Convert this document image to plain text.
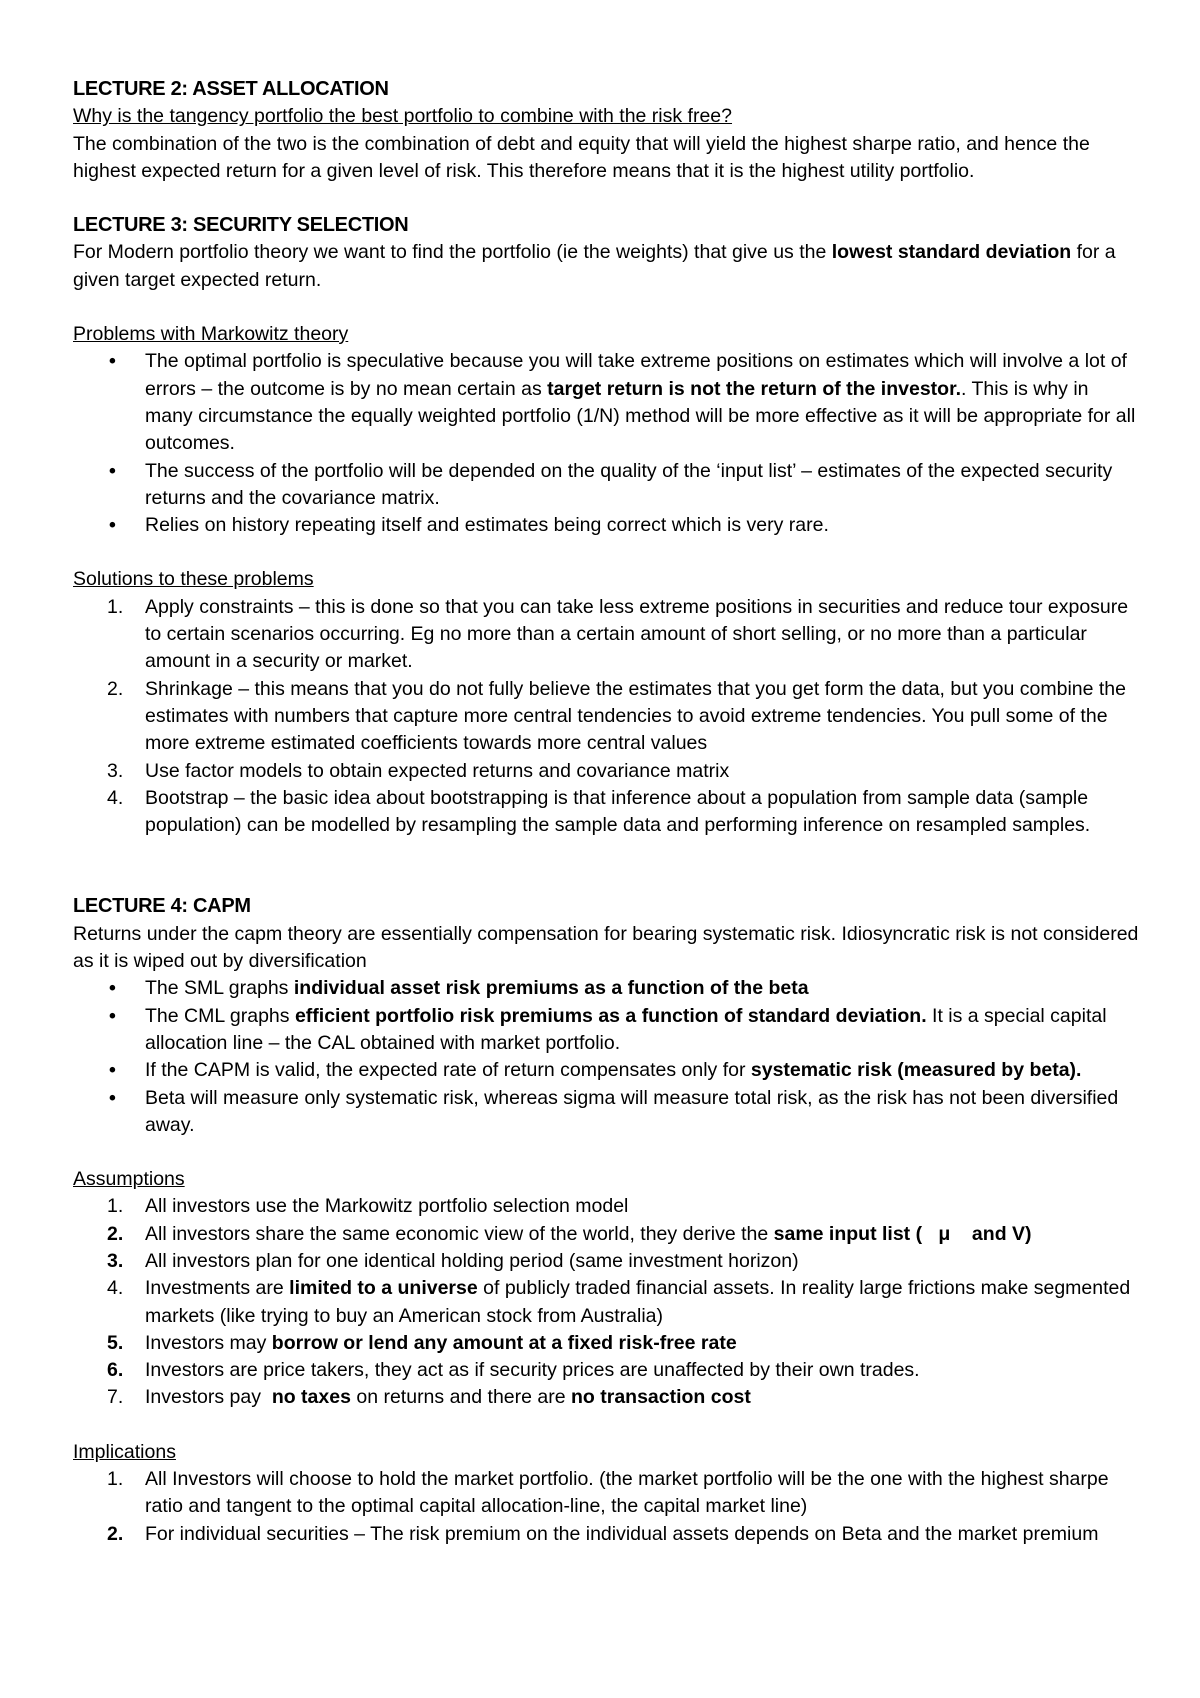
LECTURE 2: ASSET ALLOCATION

Why is the tangency portfolio the best portfolio to combine with the risk free?

The combination of the two is the combination of debt and equity that will yield the highest sharpe ratio, and hence the highest expected return for a given level of risk. This therefore means that it is the highest utility portfolio.

LECTURE 3: SECURITY SELECTION

For Modern portfolio theory we want to find the portfolio (ie the weights) that give us the lowest standard deviation for a given target expected return.

Problems with Markowitz theory

• The optimal portfolio is speculative because you will take extreme positions on estimates which will involve a lot of errors – the outcome is by no mean certain as target return is not the return of the investor.. This is why in many circumstance the equally weighted portfolio (1/N) method will be more effective as it will be appropriate for all outcomes.
• The success of the portfolio will be depended on the quality of the ‘input list’ – estimates of the expected security returns and the covariance matrix.
• Relies on history repeating itself and estimates being correct which is very rare.

Solutions to these problems

1. Apply constraints – this is done so that you can take less extreme positions in securities and reduce tour exposure to certain scenarios occurring. Eg no more than a certain amount of short selling, or no more than a particular amount in a security or market.
2. Shrinkage – this means that you do not fully believe the estimates that you get form the data, but you combine the estimates with numbers that capture more central tendencies to avoid extreme tendencies. You pull some of the more extreme estimated coefficients towards more central values
3. Use factor models to obtain expected returns and covariance matrix
4. Bootstrap – the basic idea about bootstrapping is that inference about a population from sample data (sample population) can be modelled by resampling the sample data and performing inference on resampled samples.
LECTURE 4: CAPM

Returns under the capm theory are essentially compensation for bearing systematic risk. Idiosyncratic risk is not considered as it is wiped out by diversification

• The SML graphs individual asset risk premiums as a function of the beta
• The CML graphs efficient portfolio risk premiums as a function of standard deviation. It is a special capital allocation line – the CAL obtained with market portfolio.
• If the CAPM is valid, the expected rate of return compensates only for systematic risk (measured by beta).
• Beta will measure only systematic risk, whereas sigma will measure total risk, as the risk has not been diversified away.

Assumptions

1. All investors use the Markowitz portfolio selection model
2. All investors share the same economic view of the world, they derive the same input list (   μ    and V)
3. All investors plan for one identical holding period (same investment horizon)
4. Investments are limited to a universe of publicly traded financial assets. In reality large frictions make segmented markets (like trying to buy an American stock from Australia)
5. Investors may borrow or lend any amount at a fixed risk-free rate
6. Investors are price takers, they act as if security prices are unaffected by their own trades.
7. Investors pay  no taxes on returns and there are no transaction cost

Implications

1. All Investors will choose to hold the market portfolio. (the market portfolio will be the one with the highest sharpe ratio and tangent to the optimal capital allocation-line, the capital market line)
2. For individual securities – The risk premium on the individual assets depends on Beta and the market premium
